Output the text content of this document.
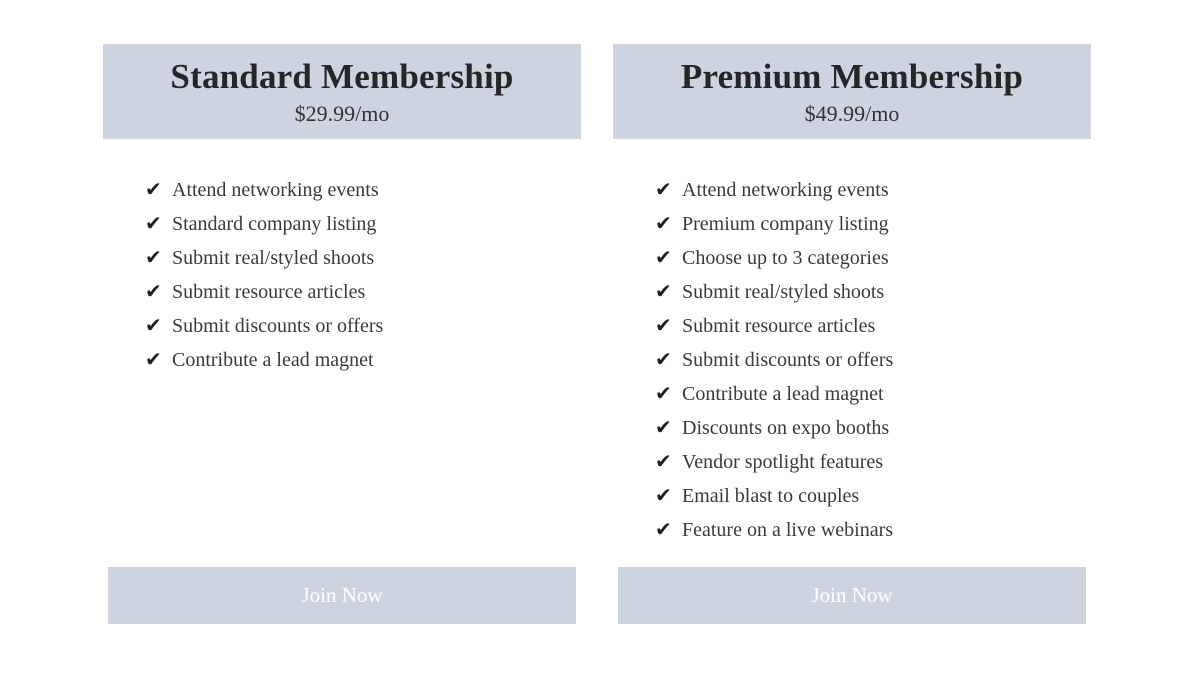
Standard Membership
$29.99/mo
✔ Attend networking events
✔ Standard company listing
✔ Submit real/styled shoots
✔ Submit resource articles
✔ Submit discounts or offers
✔ Contribute a lead magnet
Join Now
Premium Membership
$49.99/mo
✔ Attend networking events
✔ Premium company listing
✔ Choose up to 3 categories
✔ Submit real/styled shoots
✔ Submit resource articles
✔ Submit discounts or offers
✔ Contribute a lead magnet
✔ Discounts on expo booths
✔ Vendor spotlight features
✔ Email blast to couples
✔ Feature on a live webinars
Join Now
